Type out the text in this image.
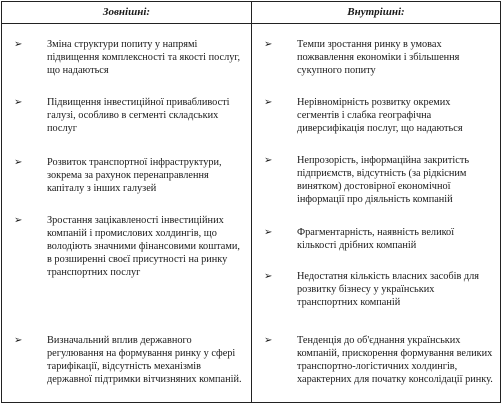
Зовнішні:	Внутрішні:
➢ Зміна структури попиту у напрямі підвищення комплексності та якості послуг, що надаються
➢ Підвищення інвестиційної привабливості галузі, особливо в сегменті складських послуг
➢ Розвиток транспортної інфраструктури, зокрема за рахунок перенаправлення капіталу з інших галузей
➢ Зростання зацікавленості інвестиційних компаній і промислових холдингів, що володіють значними фінансовими коштами, в розширенні своєї присутності на ринку транспортних послуг
➢ Визначальний вплив державного регулювання на формування ринку у сфері тарифікації, відсутність механізмів державної підтримки вітчизняних компаній.
➢ Темпи зростання ринку в умовах пожвавлення економіки і збільшення сукупного попиту
➢ Нерівномірність розвитку окремих сегментів і слабка географічна диверсифікація послуг, що надаються
➢ Непрозорість, інформаційна закритість підприємств, відсутність (за рідкісним винятком) достовірної економічної інформації про діяльність компаній
➢ Фрагментарність, наявність великої кількості дрібних компаній
➢ Недостатня кількість власних засобів для розвитку бізнесу у українських транспортних компаній
➢ Тенденція до об'єднання українських компаній, прискорення формування великих транспортно-логістичних холдингів, характерних для початку консолідації ринку.
